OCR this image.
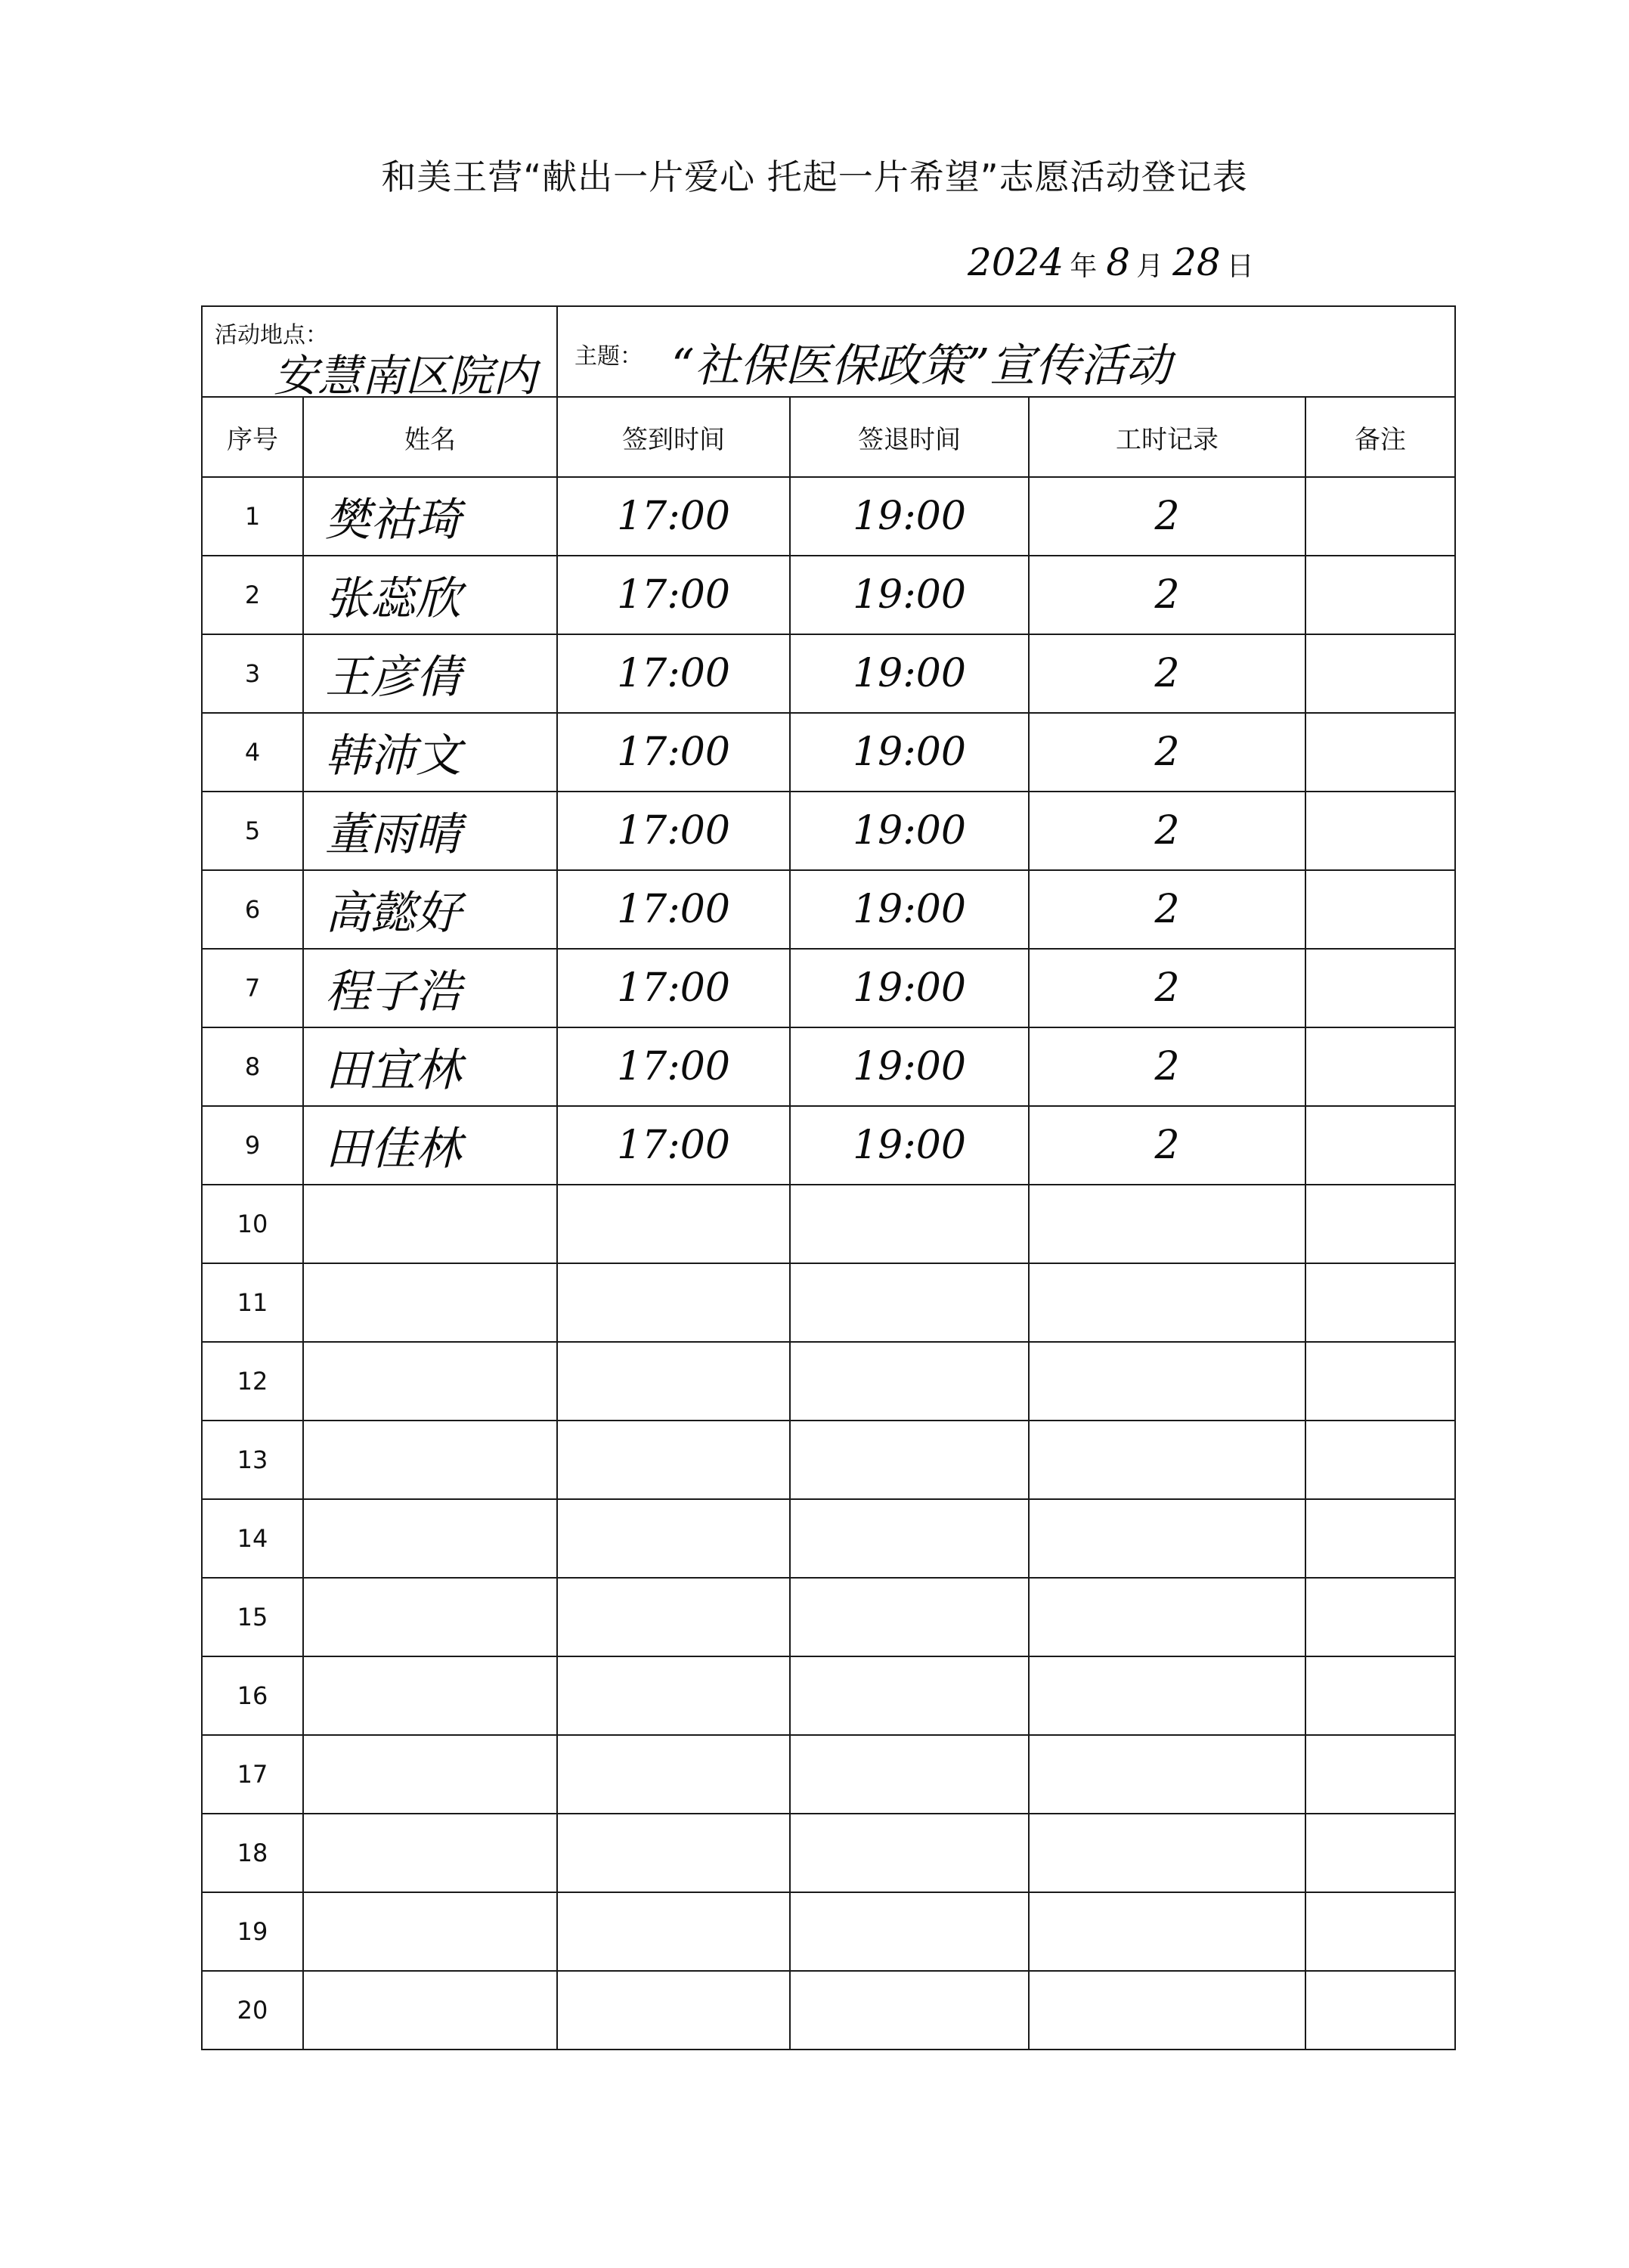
和美王营“献出一片爱心 托起一片希望”志愿活动登记表
2024 年 8 月 28 日
活动地点：
安慧南区院内		主题： “社保医保政策”宣传活动			

序号	姓名	签到时间	签退时间	工时记录	备注
1	樊祜琦	17:00	19:00	2	
2	张蕊欣	17:00	19:00	2	
3	王彦倩	17:00	19:00	2	
4	韩沛文	17:00	19:00	2	
5	董雨晴	17:00	19:00	2	
6	高懿好	17:00	19:00	2	
7	程子浩	17:00	19:00	2	
8	田宜林	17:00	19:00	2	
9	田佳林	17:00	19:00	2	
10					
11					
12					
13					
14					
15					
16					
17					
18					
19					
20					
